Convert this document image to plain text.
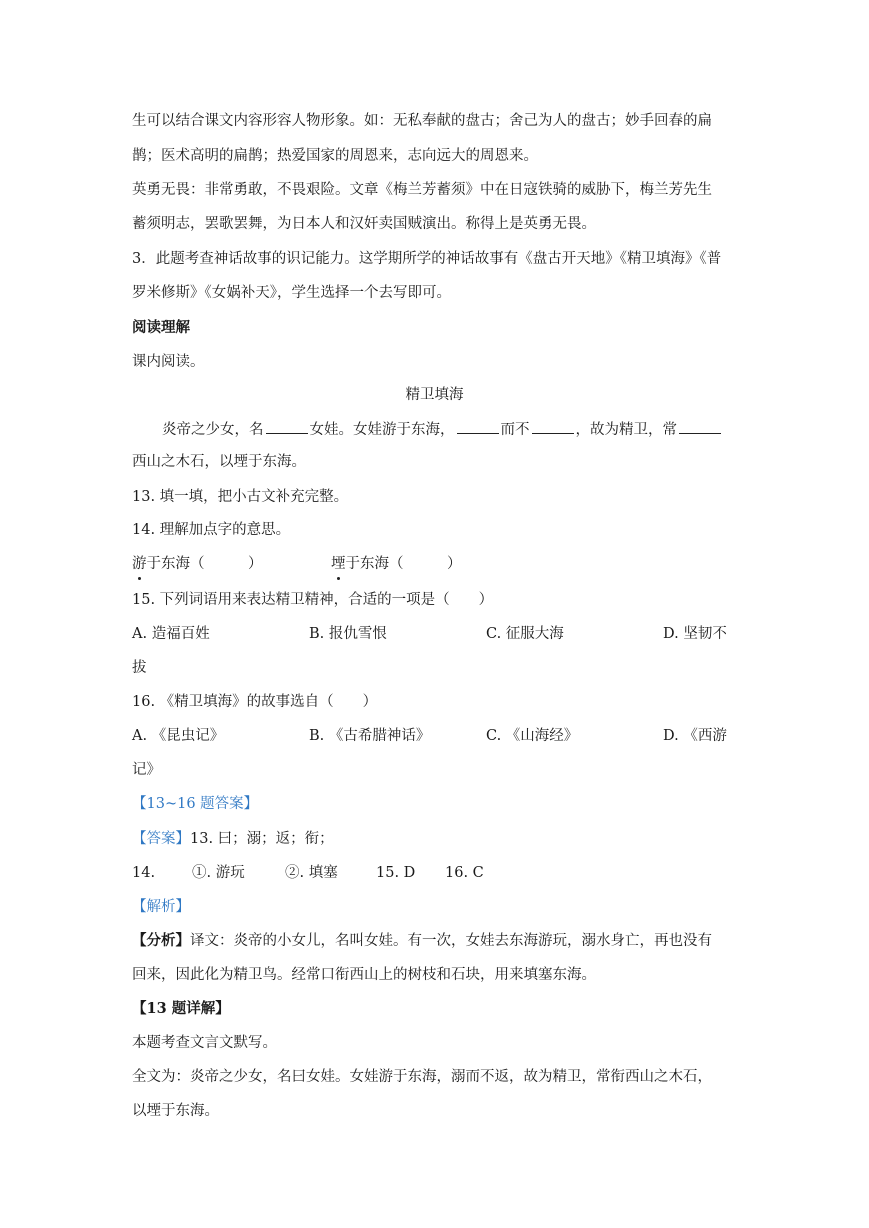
生可以结合课文内容形容人物形象。如：无私奉献的盘古；舍己为人的盘古；妙手回春的扁
鹊；医术高明的扁鹊；热爱国家的周恩来，志向远大的周恩来。
英勇无畏：非常勇敢，不畏艰险。文章《梅兰芳蓄须》中在日寇铁骑的威胁下，梅兰芳先生
蓄须明志，罢歌罢舞，为日本人和汉奸卖国贼演出。称得上是英勇无畏。
3．此题考查神话故事的识记能力。这学期所学的神话故事有《盘古开天地》《精卫填海》《普
罗米修斯》《女娲补天》，学生选择一个去写即可。
阅读理解
课内阅读。
精卫填海
炎帝之少女，名	女娃。女娃游于东海，	而不	，故为精卫，常
西山之木石，以堙于东海。
13. 填一填，把小古文补充完整。
14. 理解加点字的意思。
游于东海（　　　）	堙于东海（　　　）
15. 下列词语用来表达精卫精神，合适的一项是（　　）
A. 造福百姓	B. 报仇雪恨	C. 征服大海	D. 坚韧不
拔
16. 《精卫填海》的故事选自（　　）
A. 《昆虫记》	B. 《古希腊神话》	C. 《山海经》	D. 《西游
记》
【13~16 题答案】
【答案】13. 曰；溺；返；衔；
14.	①. 游玩	②. 填塞	15. D 16. C
【解析】
【分析】译文：炎帝的小女儿，名叫女娃。有一次，女娃去东海游玩，溺水身亡，再也没有
回来，因此化为精卫鸟。经常口衔西山上的树枝和石块，用来填塞东海。
【13 题详解】
本题考查文言文默写。
全文为：炎帝之少女，名曰女娃。女娃游于东海，溺而不返，故为精卫，常衔西山之木石，
以堙于东海。
